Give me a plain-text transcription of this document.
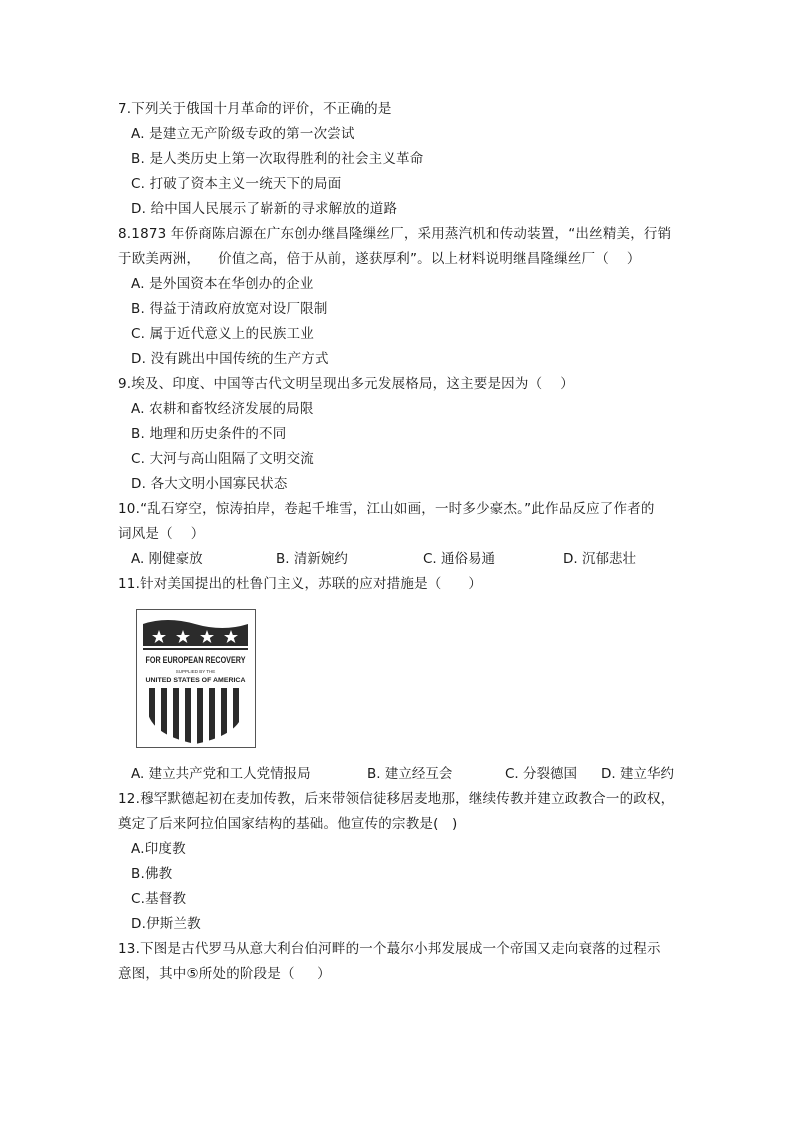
7.下列关于俄国十月革命的评价，不正确的是
A. 是建立无产阶级专政的第一次尝试
B. 是人类历史上第一次取得胜利的社会主义革命
C. 打破了资本主义一统天下的局面
D. 给中国人民展示了崭新的寻求解放的道路
8.1873 年侨商陈启源在广东创办继昌隆缫丝厂，采用蒸汽机和传动装置，“出丝精美，行销
于欧美两洲，    价值之高，倍于从前，遂获厚利”。以上材料说明继昌隆缫丝厂（    ）
A. 是外国资本在华创办的企业
B. 得益于清政府放宽对设厂限制
C. 属于近代意义上的民族工业
D. 没有跳出中国传统的生产方式
9.埃及、印度、中国等古代文明呈现出多元发展格局，这主要是因为（    ）
A. 农耕和畜牧经济发展的局限
B. 地理和历史条件的不同
C. 大河与高山阻隔了文明交流
D. 各大文明小国寡民状态
10.“乱石穿空，惊涛拍岸，卷起千堆雪，江山如画，一时多少豪杰。”此作品反应了作者的
词风是（    ）
A. 刚健豪放	B. 清新婉约	C. 通俗易通	D. 沉郁悲壮
11.针对美国提出的杜鲁门主义，苏联的应对措施是（      ）
FOR EUROPEAN RECOVERY
SUPPLIED BY THE
UNITED STATES OF AMERICA
A. 建立共产党和工人党情报局	B. 建立经互会	C. 分裂德国 D. 建立华约
12.穆罕默德起初在麦加传教，后来带领信徒移居麦地那，继续传教并建立政教合一的政权，
奠定了后来阿拉伯国家结构的基础。他宣传的宗教是(   )
A.印度教
B.佛教
C.基督教
D.伊斯兰教
13.下图是古代罗马从意大利台伯河畔的一个蕞尔小邦发展成一个帝国又走向衰落的过程示
意图，其中⑤所处的阶段是（     ）
